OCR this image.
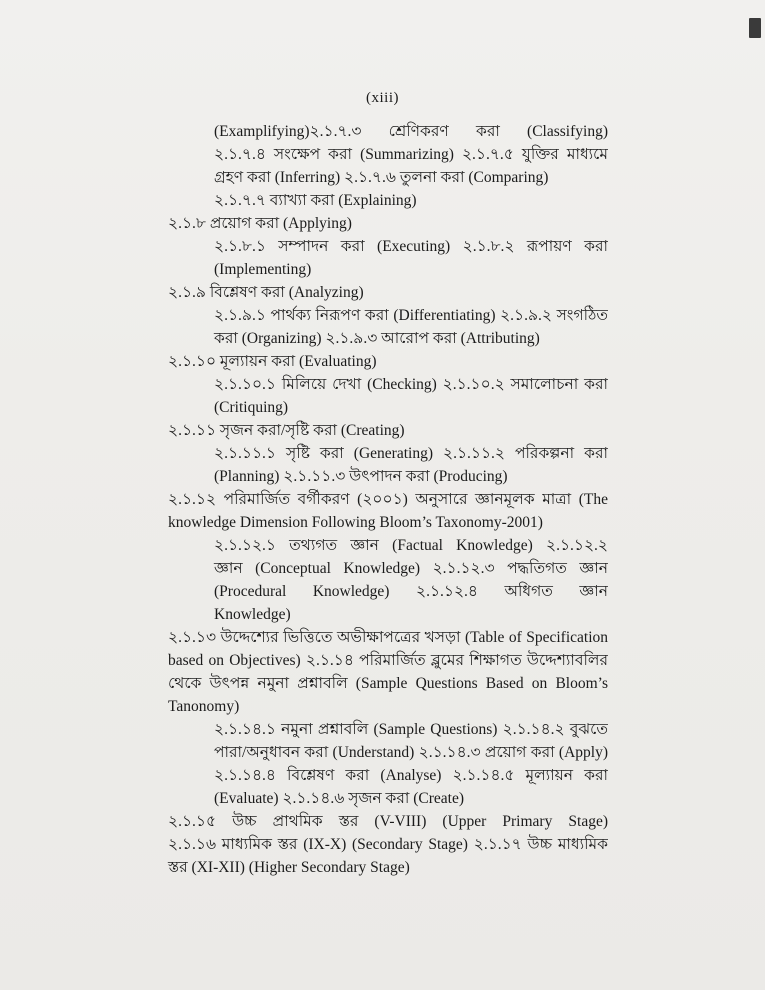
(xiii)
(Examplifying)২.১.৭.৩ শ্রেণিকরণ করা (Classifying)
২.১.৭.৪ সংক্ষেপ করা (Summarizing) ২.১.৭.৫ যুক্তির মাধ্যমে
গ্রহণ করা (Inferring) ২.১.৭.৬ তুলনা করা (Comparing)
২.১.৭.৭ ব্যাখ্যা করা (Explaining)
২.১.৮ প্রয়োগ করা (Applying)
২.১.৮.১ সম্পাদন করা (Executing) ২.১.৮.২ রূপায়ণ করা
(Implementing)
২.১.৯ বিশ্লেষণ করা (Analyzing)
২.১.৯.১ পার্থক্য নিরূপণ করা (Differentiating) ২.১.৯.২ সংগঠিত
করা (Organizing) ২.১.৯.৩ আরোপ করা (Attributing)
২.১.১০ মূল্যায়ন করা (Evaluating)
২.১.১০.১ মিলিয়ে দেখা (Checking) ২.১.১০.২ সমালোচনা করা
(Critiquing)
২.১.১১ সৃজন করা/সৃষ্টি করা (Creating)
২.১.১১.১ সৃষ্টি করা (Generating) ২.১.১১.২ পরিকল্পনা করা
(Planning) ২.১.১১.৩ উৎপাদন করা (Producing)
২.১.১২ পরিমার্জিত বর্গীকরণ (২০০১) অনুসারে জ্ঞানমূলক মাত্রা (The
knowledge Dimension Following Bloom’s Taxonomy-2001)
২.১.১২.১ তথ্যগত জ্ঞান (Factual Knowledge) ২.১.১২.২
জ্ঞান (Conceptual Knowledge) ২.১.১২.৩ পদ্ধতিগত জ্ঞান
(Procedural Knowledge) ২.১.১২.৪ অধিগত জ্ঞান
Knowledge)
২.১.১৩ উদ্দেশ্যের ভিত্তিতে অভীক্ষাপত্রের খসড়া (Table of Specification
based on Objectives) ২.১.১৪ পরিমার্জিত ব্লুমের শিক্ষাগত উদ্দেশ্যাবলির
থেকে উৎপন্ন নমুনা প্রশ্নাবলি (Sample Questions Based on Bloom’s
Tanonomy)
২.১.১৪.১ নমুনা প্রশ্নাবলি (Sample Questions) ২.১.১৪.২ বুঝতে
পারা/অনুধাবন করা (Understand) ২.১.১৪.৩ প্রয়োগ করা (Apply)
২.১.১৪.৪ বিশ্লেষণ করা (Analyse) ২.১.১৪.৫ মূল্যায়ন করা
(Evaluate) ২.১.১৪.৬ সৃজন করা (Create)
২.১.১৫ উচ্চ প্রাথমিক স্তর (V-VIII) (Upper Primary Stage)
২.১.১৬ মাধ্যমিক স্তর (IX-X) (Secondary Stage) ২.১.১৭ উচ্চ মাধ্যমিক
স্তর (XI-XII) (Higher Secondary Stage)
